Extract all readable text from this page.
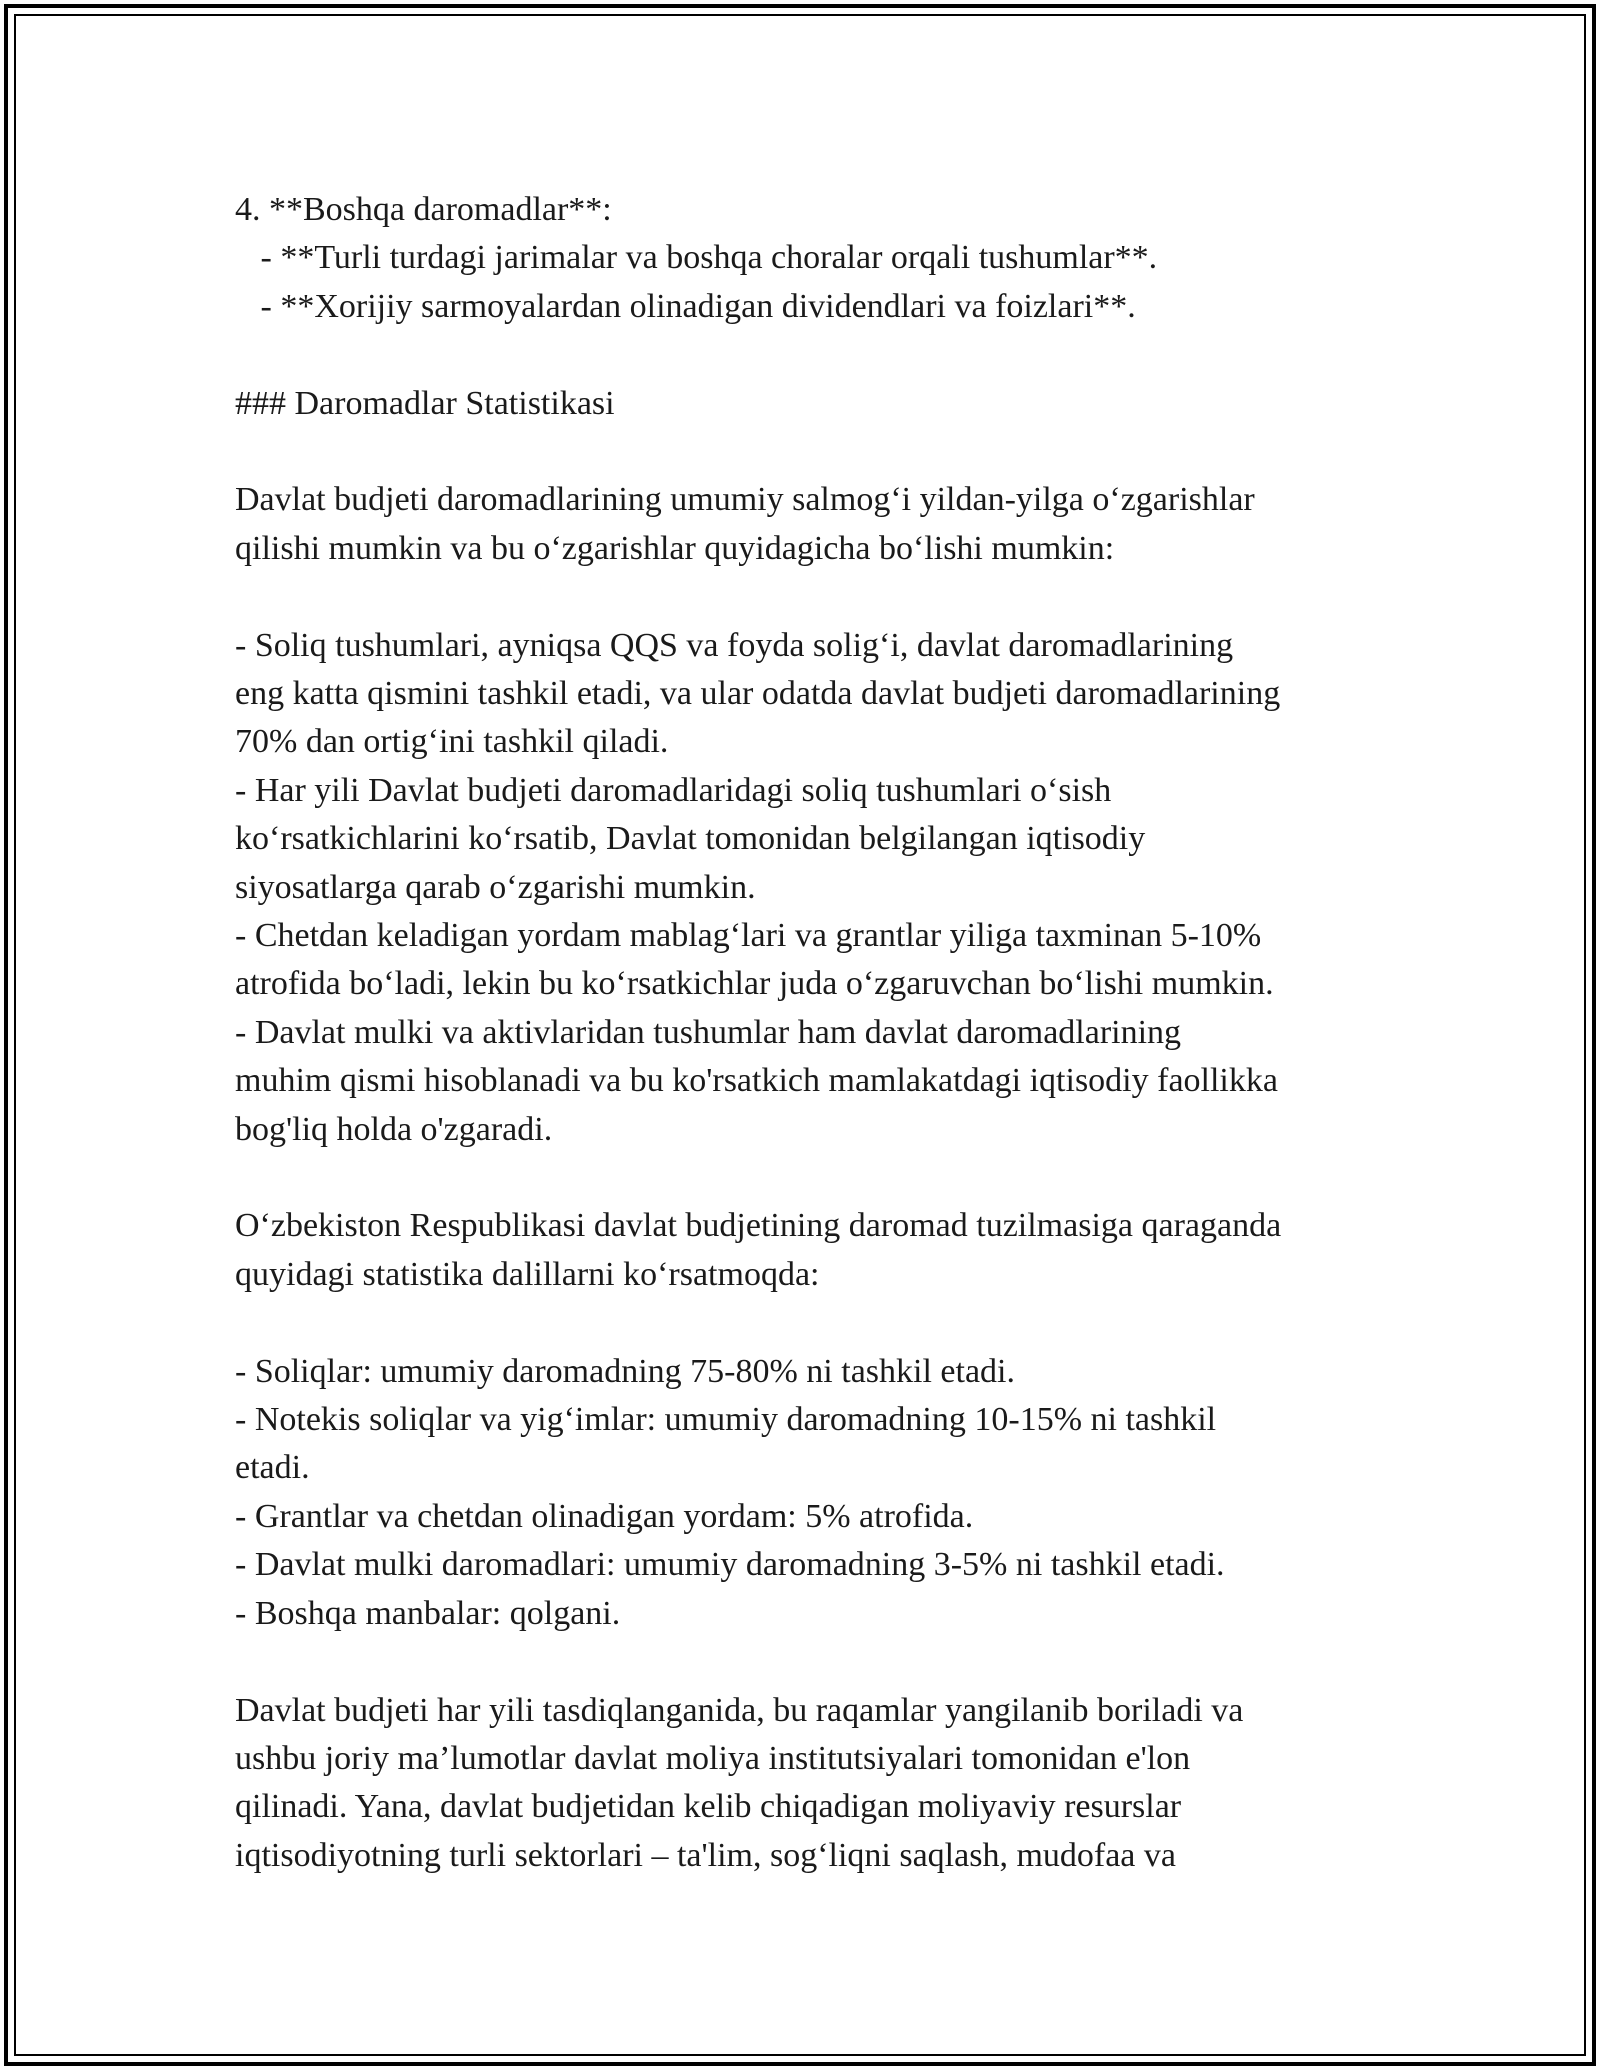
4. **Boshqa daromadlar**:
- **Turli turdagi jarimalar va boshqa choralar orqali tushumlar**.
- **Xorijiy sarmoyalardan olinadigan dividendlari va foizlari**.
### Daromadlar Statistikasi
Davlat budjeti daromadlarining umumiy salmog‘i yildan-yilga o‘zgarishlar
qilishi mumkin va bu o‘zgarishlar quyidagicha bo‘lishi mumkin:
- Soliq tushumlari, ayniqsa QQS va foyda solig‘i, davlat daromadlarining
eng katta qismini tashkil etadi, va ular odatda davlat budjeti daromadlarining
70% dan ortig‘ini tashkil qiladi.
- Har yili Davlat budjeti daromadlaridagi soliq tushumlari o‘sish
ko‘rsatkichlarini ko‘rsatib, Davlat tomonidan belgilangan iqtisodiy
siyosatlarga qarab o‘zgarishi mumkin.
- Chetdan keladigan yordam mablag‘lari va grantlar yiliga taxminan 5-10%
atrofida bo‘ladi, lekin bu ko‘rsatkichlar juda o‘zgaruvchan bo‘lishi mumkin.
- Davlat mulki va aktivlaridan tushumlar ham davlat daromadlarining
muhim qismi hisoblanadi va bu ko'rsatkich mamlakatdagi iqtisodiy faollikka
bog'liq holda o'zgaradi.
O‘zbekiston Respublikasi davlat budjetining daromad tuzilmasiga qaraganda
quyidagi statistika dalillarni ko‘rsatmoqda:
- Soliqlar: umumiy daromadning 75-80% ni tashkil etadi.
- Notekis soliqlar va yig‘imlar: umumiy daromadning 10-15% ni tashkil
etadi.
- Grantlar va chetdan olinadigan yordam: 5% atrofida.
- Davlat mulki daromadlari: umumiy daromadning 3-5% ni tashkil etadi.
- Boshqa manbalar: qolgani.
Davlat budjeti har yili tasdiqlanganida, bu raqamlar yangilanib boriladi va
ushbu joriy ma’lumotlar davlat moliya institutsiyalari tomonidan e'lon
qilinadi. Yana, davlat budjetidan kelib chiqadigan moliyaviy resurslar
iqtisodiyotning turli sektorlari – ta'lim, sog‘liqni saqlash, mudofaa va
